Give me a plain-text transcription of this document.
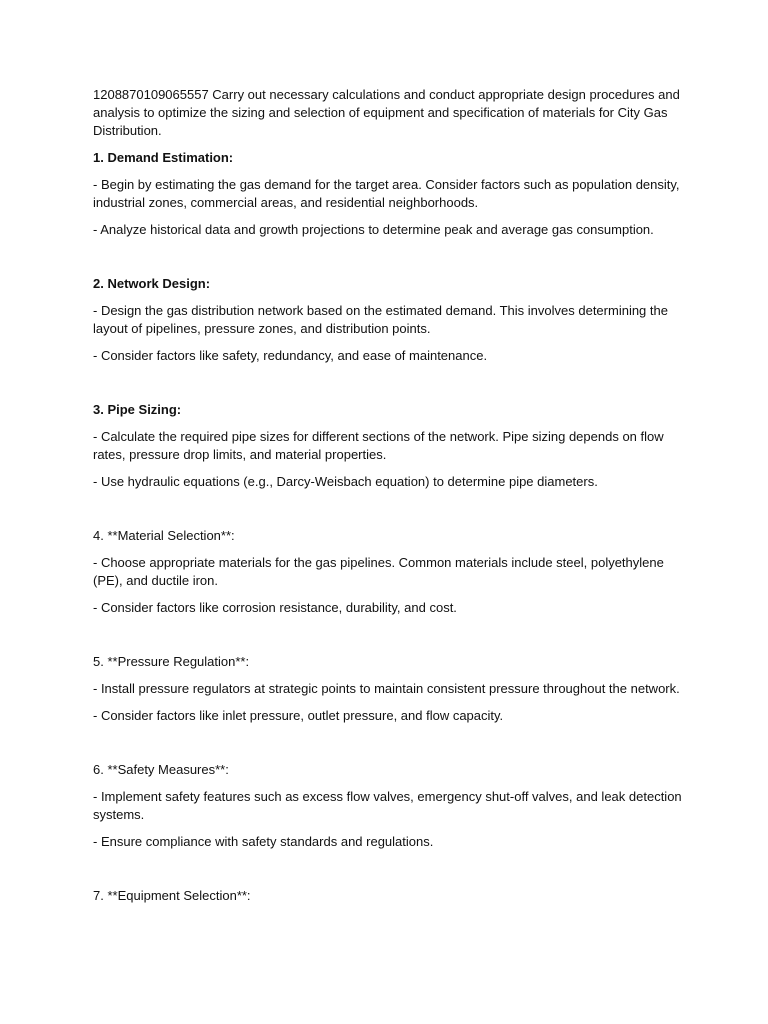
1208870109065557 Carry out necessary calculations and conduct appropriate design procedures and analysis to optimize the sizing and selection of equipment and specification of materials for City Gas Distribution.

1. Demand Estimation:

- Begin by estimating the gas demand for the target area. Consider factors such as population density, industrial zones, commercial areas, and residential neighborhoods.

- Analyze historical data and growth projections to determine peak and average gas consumption.

2. Network Design:

- Design the gas distribution network based on the estimated demand. This involves determining the layout of pipelines, pressure zones, and distribution points.

- Consider factors like safety, redundancy, and ease of maintenance.

3. Pipe Sizing:

- Calculate the required pipe sizes for different sections of the network. Pipe sizing depends on flow rates, pressure drop limits, and material properties.

- Use hydraulic equations (e.g., Darcy-Weisbach equation) to determine pipe diameters.

4. **Material Selection**:

- Choose appropriate materials for the gas pipelines. Common materials include steel, polyethylene (PE), and ductile iron.

- Consider factors like corrosion resistance, durability, and cost.

5. **Pressure Regulation**:

- Install pressure regulators at strategic points to maintain consistent pressure throughout the network.

- Consider factors like inlet pressure, outlet pressure, and flow capacity.

6. **Safety Measures**:

- Implement safety features such as excess flow valves, emergency shut-off valves, and leak detection systems.

- Ensure compliance with safety standards and regulations.

7. **Equipment Selection**:
